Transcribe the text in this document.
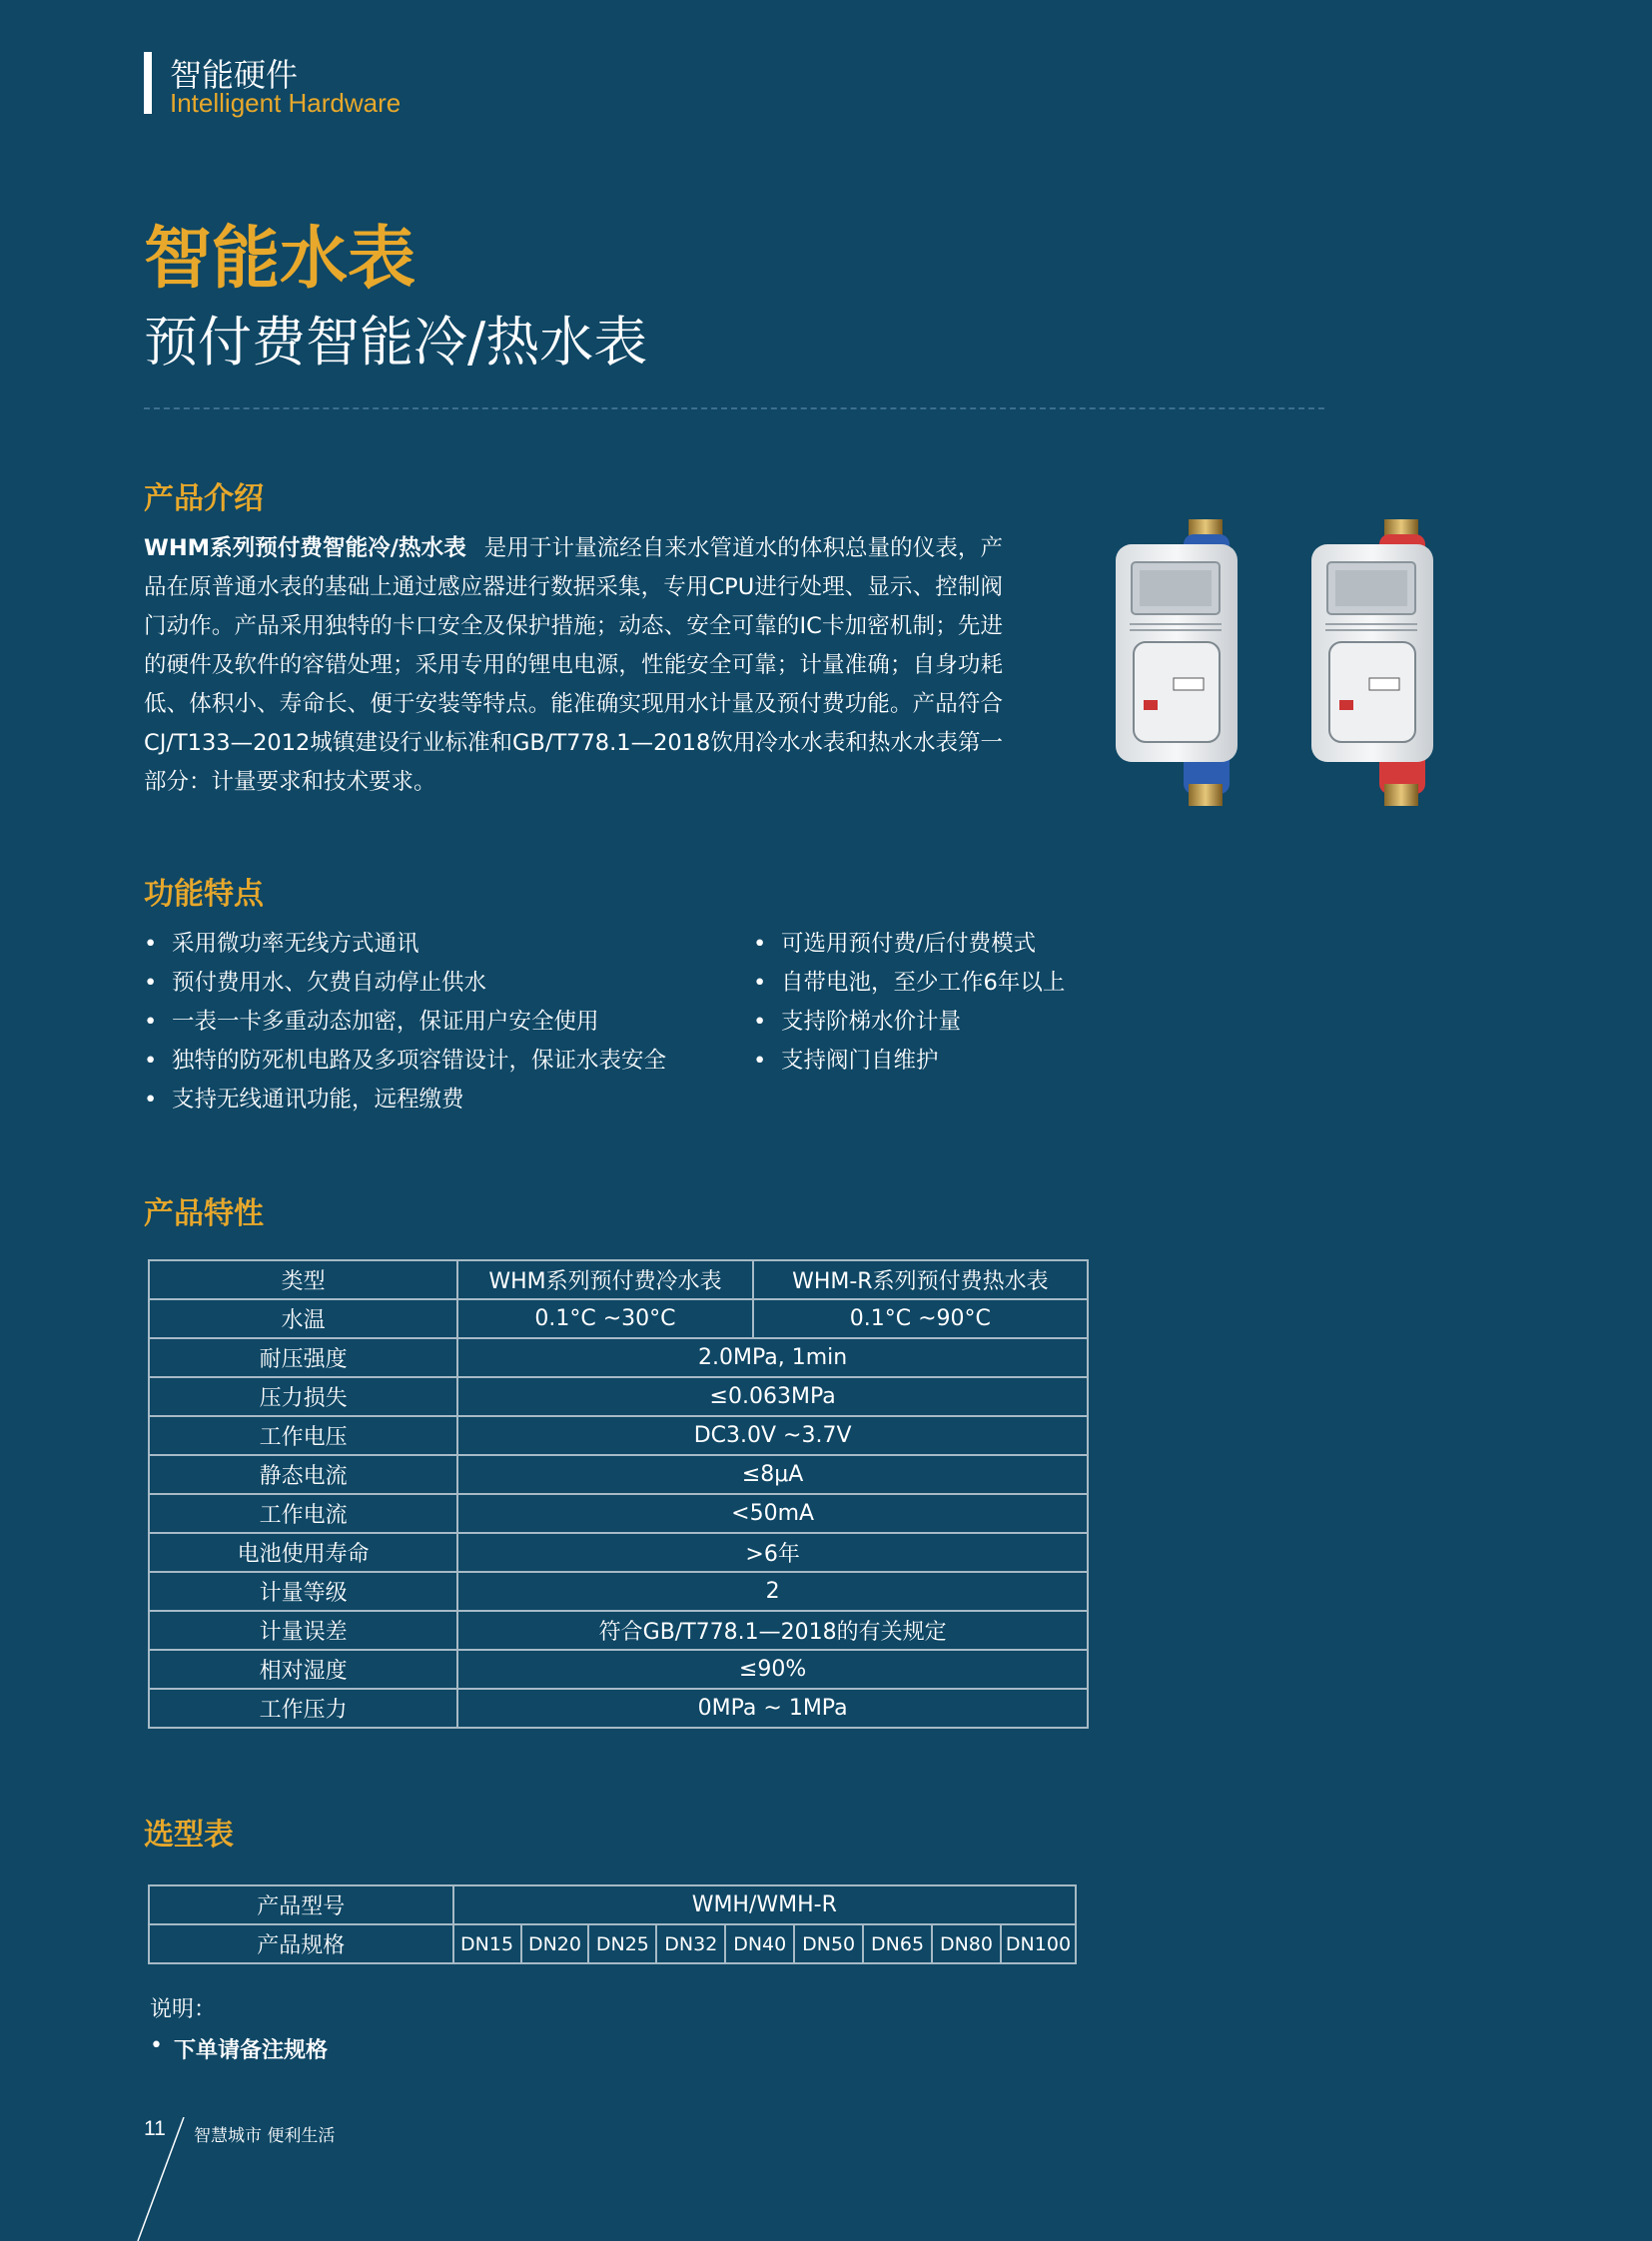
智能硬件
Intelligent Hardware
智能水表
预付费智能冷/热水表
产品介绍
WHM系列预付费智能冷/热水表 是用于计量流经自来水管道水的体积总量的仪表，产品在原普通水表的基础上通过感应器进行数据采集，专用CPU进行处理、显示、控制阀门动作。产品采用独特的卡口安全及保护措施；动态、安全可靠的IC卡加密机制；先进的硬件及软件的容错处理；采用专用的锂电电源，性能安全可靠；计量准确；自身功耗低、体积小、寿命长、便于安装等特点。能准确实现用水计量及预付费功能。产品符合CJ/T133—2012城镇建设行业标准和GB/T778.1—2018饮用冷水水表和热水水表第一部分：计量要求和技术要求。
功能特点
• 采用微功率无线方式通讯
• 预付费用水、欠费自动停止供水
• 一表一卡多重动态加密，保证用户安全使用
• 独特的防死机电路及多项容错设计，保证水表安全
• 支持无线通讯功能，远程缴费
• 可选用预付费/后付费模式
• 自带电池，至少工作6年以上
• 支持阶梯水价计量
• 支持阀门自维护
产品特性
类型	WHM系列预付费冷水表	WHM-R系列预付费热水表
水温	0.1°C ~30°C	0.1°C ~90°C
耐压强度	2.0MPa, 1min	
压力损失	≤0.063MPa	
工作电压	DC3.0V ~3.7V	
静态电流	≤8μA	
工作电流	<50mA	
电池使用寿命	>6年	
计量等级	2	
计量误差	符合GB/T778.1—2018的有关规定	
相对湿度	≤90%	
工作压力	0MPa ~ 1MPa	
选型表
产品型号	WMH/WMH-R								
产品规格	DN15	DN20	DN25	DN32	DN40	DN50	DN65	DN80	DN100
说明：
• 下单请备注规格
11 智慧城市 便利生活
